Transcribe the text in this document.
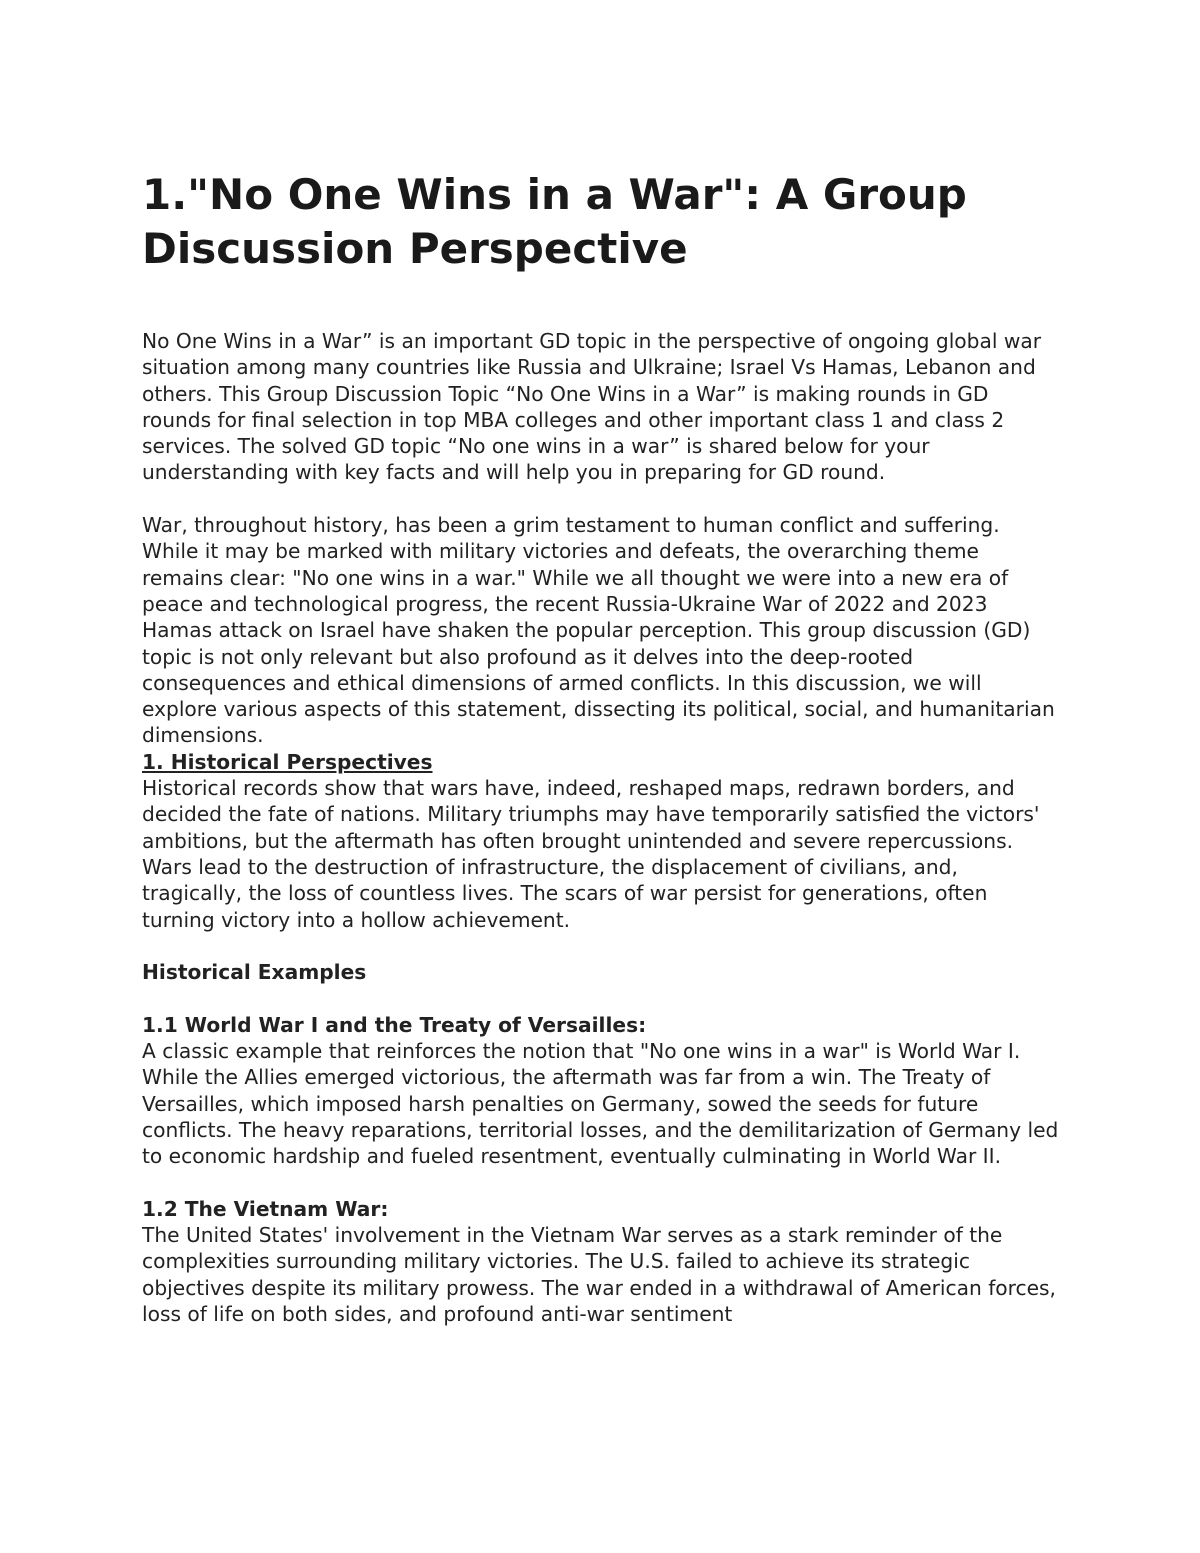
1."No One Wins in a War": A Group Discussion Perspective

No One Wins in a War” is an important GD topic in the perspective of ongoing global war situation among many countries like Russia and Ulkraine; Israel Vs Hamas, Lebanon and others. This Group Discussion Topic “No One Wins in a War” is making rounds in GD rounds for final selection in top MBA colleges and other important class 1 and class 2 services. The solved GD topic “No one wins in a war” is shared below for your understanding with key facts and will help you in preparing for GD round.

War, throughout history, has been a grim testament to human conflict and suffering. While it may be marked with military victories and defeats, the overarching theme remains clear: "No one wins in a war." While we all thought we were into a new era of peace and technological progress, the recent Russia-Ukraine War of 2022 and 2023 Hamas attack on Israel have shaken the popular perception. This group discussion (GD) topic is not only relevant but also profound as it delves into the deep-rooted consequences and ethical dimensions of armed conflicts. In this discussion, we will explore various aspects of this statement, dissecting its political, social, and humanitarian dimensions.

1. Historical Perspectives

Historical records show that wars have, indeed, reshaped maps, redrawn borders, and decided the fate of nations. Military triumphs may have temporarily satisfied the victors' ambitions, but the aftermath has often brought unintended and severe repercussions. Wars lead to the destruction of infrastructure, the displacement of civilians, and, tragically, the loss of countless lives. The scars of war persist for generations, often turning victory into a hollow achievement.

Historical Examples

1.1 World War I and the Treaty of Versailles:

A classic example that reinforces the notion that "No one wins in a war" is World War I. While the Allies emerged victorious, the aftermath was far from a win. The Treaty of Versailles, which imposed harsh penalties on Germany, sowed the seeds for future conflicts. The heavy reparations, territorial losses, and the demilitarization of Germany led to economic hardship and fueled resentment, eventually culminating in World War II.

1.2 The Vietnam War:

The United States' involvement in the Vietnam War serves as a stark reminder of the complexities surrounding military victories. The U.S. failed to achieve its strategic objectives despite its military prowess. The war ended in a withdrawal of American forces, loss of life on both sides, and profound anti-war sentiment
